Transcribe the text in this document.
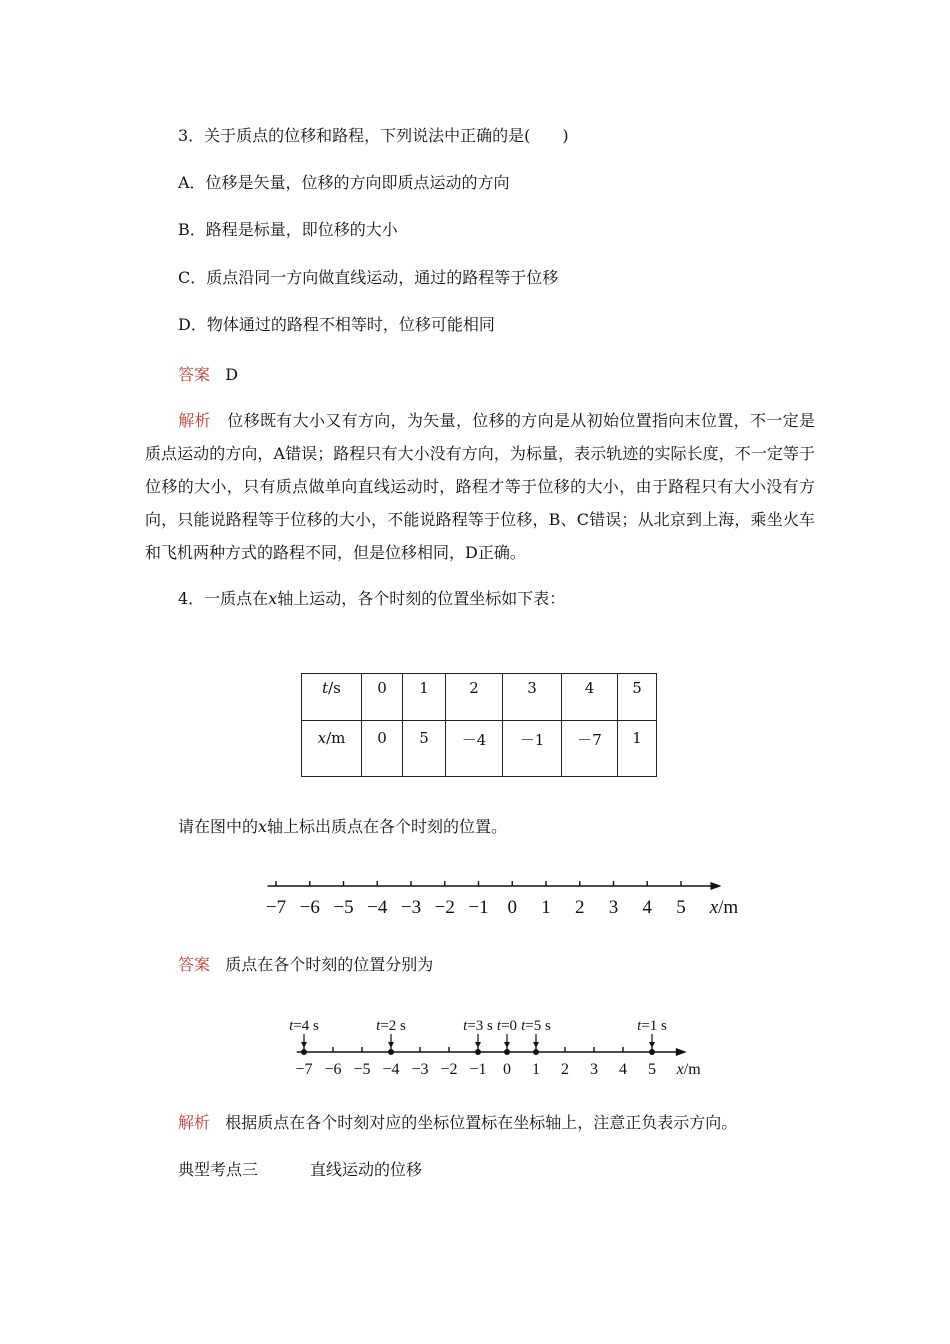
3．关于质点的位移和路程，下列说法中正确的是(　　)
A．位移是矢量，位移的方向即质点运动的方向
B．路程是标量，即位移的大小
C．质点沿同一方向做直线运动，通过的路程等于位移
D．物体通过的路程不相等时，位移可能相同
答案 D
解析 位移既有大小又有方向，为矢量，位移的方向是从初始位置指向末位置，不一定是质点运动的方向，A错误；路程只有大小没有方向，为标量，表示轨迹的实际长度，不一定等于位移的大小，只有质点做单向直线运动时，路程才等于位移的大小，由于路程只有大小没有方向，只能说路程等于位移的大小，不能说路程等于位移，B、C错误；从北京到上海，乘坐火车和飞机两种方式的路程不同，但是位移相同，D正确。
4．一质点在x轴上运动，各个时刻的位置坐标如下表：
t/s	0	1	2	3	4	5
x/m	0	5	－4	－1	－7	1
请在图中的x轴上标出质点在各个时刻的位置。
−7 −6 −5 −4 −3 −2 −1 0 1 2 3 4 5 x/m
答案 质点在各个时刻的位置分别为
−7 −6 −5 −4 −3 −2 −1 0 1 2 3 4 5 x/m
t=4 s	t=2 s	t=3 s t=0 t=5 s	t=1 s
解析 根据质点在各个时刻对应的坐标位置标在坐标轴上，注意正负表示方向。
典型考点三	直线运动的位移
